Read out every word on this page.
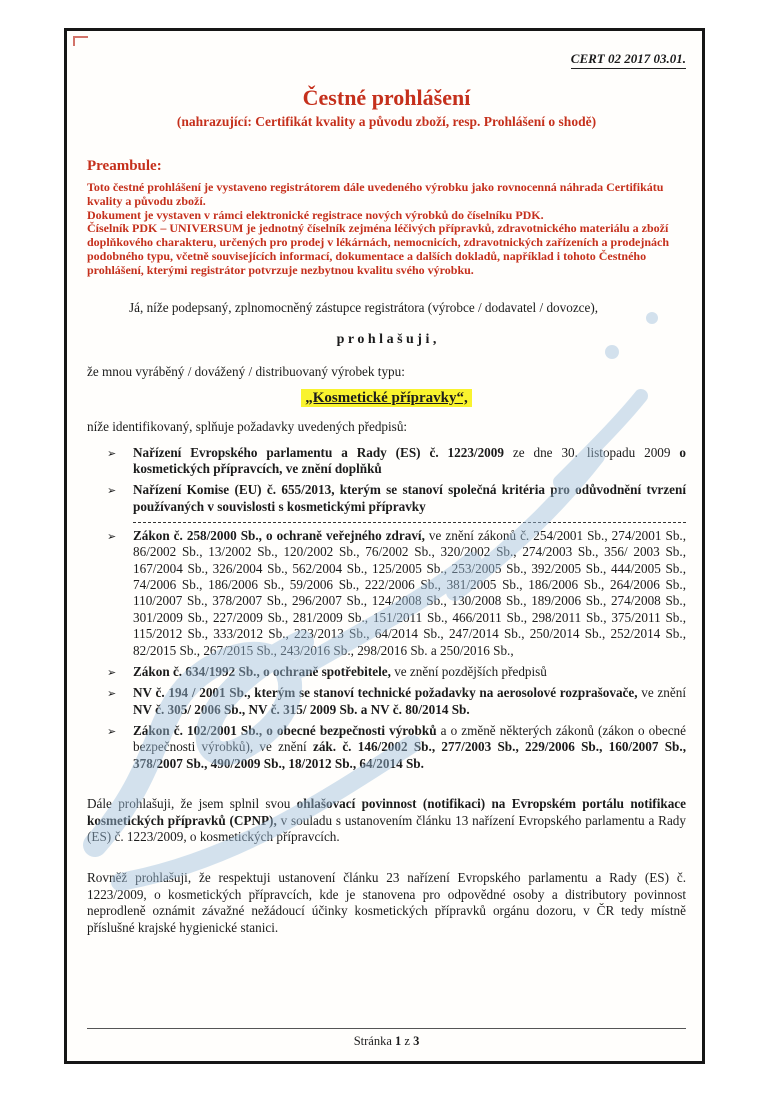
CERT 02 2017 03.01.
Čestné prohlášení
(nahrazující: Certifikát kvality a původu zboží, resp. Prohlášení o shodě)
Preambule:

Toto čestné prohlášení je vystaveno registrátorem dále uvedeného výrobku jako rovnocenná náhrada Certifikátu kvality a původu zboží.

Dokument je vystaven v rámci elektronické registrace nových výrobků do číselníku PDK.

Číselník PDK – UNIVERSUM je jednotný číselník zejména léčivých přípravků, zdravotnického materiálu a zboží doplňkového charakteru, určených pro prodej v lékárnách, nemocnicích, zdravotnických zařízeních a prodejnách podobného typu, včetně souvisejících informací, dokumentace a dalších dokladů, například i tohoto Čestného prohlášení, kterými registrátor potvrzuje nezbytnou kvalitu svého výrobku.

Já, níže podepsaný, zplnomocněný zástupce registrátora (výrobce / dodavatel / dovozce),

p r o h l a š u j i ,

že mnou vyráběný / dovážený / distribuovaný výrobek typu:

„Kosmetické přípravky“,

níže identifikovaný, splňuje požadavky uvedených předpisů:

➢	Nařízení Evropského parlamentu a Rady (ES) č. 1223/2009 ze dne 30. listopadu 2009 o kosmetických přípravcích, ve znění doplňků
➢	Nařízení Komise (EU) č. 655/2013, kterým se stanoví společná kritéria pro odůvodnění tvrzení používaných v souvislosti s kosmetickými přípravky
➢	Zákon č. 258/2000 Sb., o ochraně veřejného zdraví, ve znění zákonů č. 254/2001 Sb., 274/2001 Sb., 86/2002 Sb., 13/2002 Sb., 120/2002 Sb., 76/2002 Sb., 320/2002 Sb., 274/2003 Sb., 356/ 2003 Sb., 167/2004 Sb., 326/2004 Sb., 562/2004 Sb., 125/2005 Sb., 253/2005 Sb., 392/2005 Sb., 444/2005 Sb., 74/2006 Sb., 186/2006 Sb., 59/2006 Sb., 222/2006 Sb., 381/2005 Sb., 186/2006 Sb., 264/2006 Sb., 110/2007 Sb., 378/2007 Sb., 296/2007 Sb., 124/2008 Sb., 130/2008 Sb., 189/2006 Sb., 274/2008 Sb., 301/2009 Sb., 227/2009 Sb., 281/2009 Sb., 151/2011 Sb., 466/2011 Sb., 298/2011 Sb., 375/2011 Sb., 115/2012 Sb., 333/2012 Sb., 223/2013 Sb., 64/2014 Sb., 247/2014 Sb., 250/2014 Sb., 252/2014 Sb., 82/2015 Sb., 267/2015 Sb., 243/2016 Sb., 298/2016 Sb. a 250/2016 Sb.,
➢	Zákon č. 634/1992 Sb., o ochraně spotřebitele, ve znění pozdějších předpisů
➢	NV č. 194 / 2001 Sb., kterým se stanoví technické požadavky na aerosolové rozprašovače, ve znění NV č. 305/ 2006 Sb., NV č. 315/ 2009 Sb. a NV č. 80/2014 Sb.
➢	Zákon č. 102/2001 Sb., o obecné bezpečnosti výrobků a o změně některých zákonů (zákon o obecné bezpečnosti výrobků), ve znění zák. č. 146/2002 Sb., 277/2003 Sb., 229/2006 Sb., 160/2007 Sb., 378/2007 Sb., 490/2009 Sb., 18/2012 Sb., 64/2014 Sb.

Dále prohlašuji, že jsem splnil svou ohlašovací povinnost (notifikaci) na Evropském portálu notifikace kosmetických přípravků (CPNP), v souladu s ustanovením článku 13 nařízení Evropského parlamentu a Rady (ES) č. 1223/2009, o kosmetických přípravcích.

Rovněž prohlašuji, že respektuji ustanovení článku 23 nařízení Evropského parlamentu a Rady (ES) č. 1223/2009, o kosmetických přípravcích, kde je stanovena pro odpovědné osoby a distributory povinnost neprodleně oznámit závažné nežádoucí účinky kosmetických přípravků orgánu dozoru, v ČR tedy místně příslušné krajské hygienické stanici.

Stránka 1 z 3
